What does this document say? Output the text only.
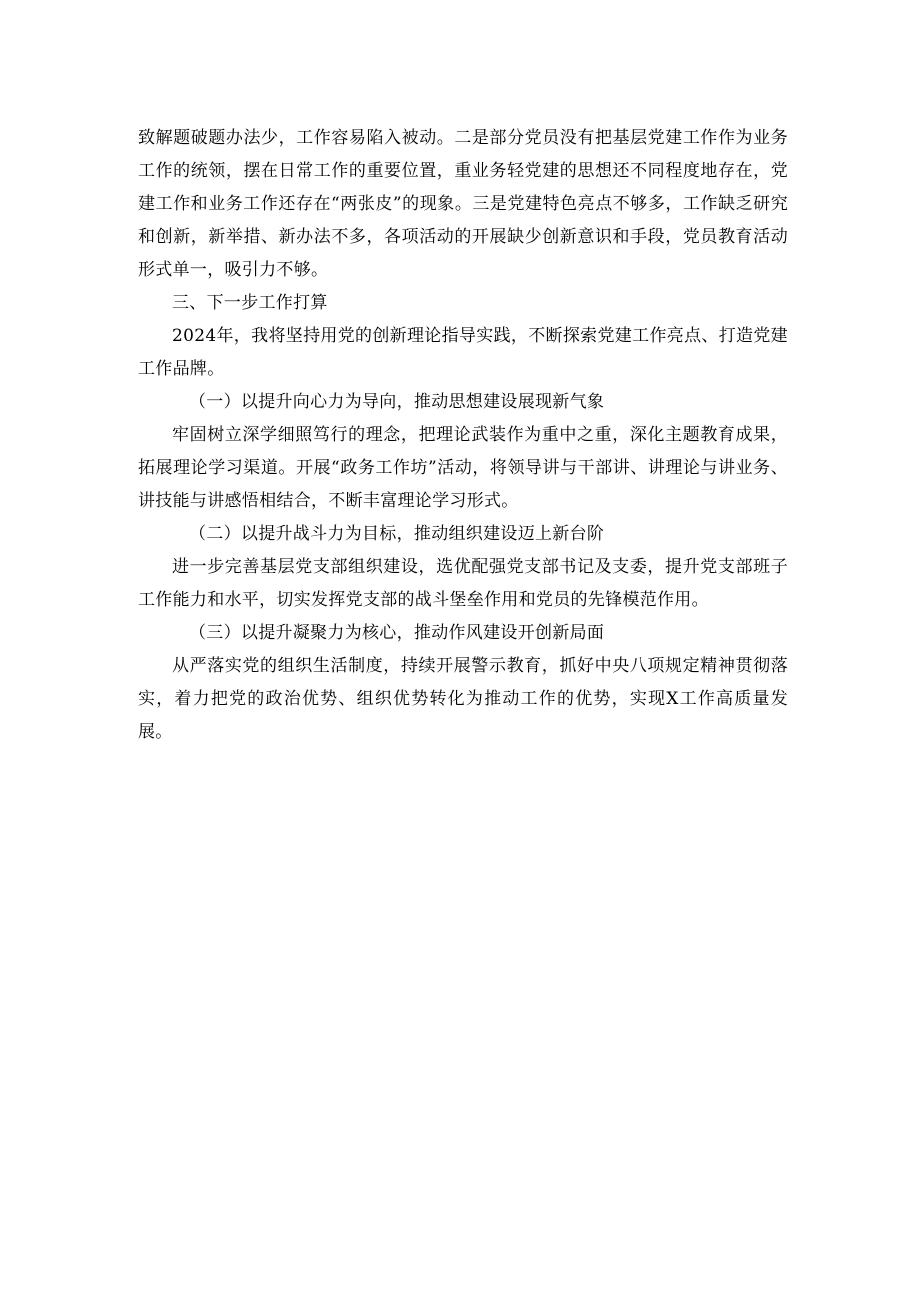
致解题破题办法少，工作容易陷入被动。二是部分党员没有把基层党建工作作为业务工作的统领，摆在日常工作的重要位置，重业务轻党建的思想还不同程度地存在，党建工作和业务工作还存在“两张皮”的现象。三是党建特色亮点不够多，工作缺乏研究和创新，新举措、新办法不多，各项活动的开展缺少创新意识和手段，党员教育活动形式单一，吸引力不够。

三、下一步工作打算

2024年，我将坚持用党的创新理论指导实践，不断探索党建工作亮点、打造党建工作品牌。

（一）以提升向心力为导向，推动思想建设展现新气象

牢固树立深学细照笃行的理念，把理论武装作为重中之重，深化主题教育成果，拓展理论学习渠道。开展“政务工作坊”活动，将领导讲与干部讲、讲理论与讲业务、讲技能与讲感悟相结合，不断丰富理论学习形式。

（二）以提升战斗力为目标，推动组织建设迈上新台阶

进一步完善基层党支部组织建设，选优配强党支部书记及支委，提升党支部班子工作能力和水平，切实发挥党支部的战斗堡垒作用和党员的先锋模范作用。

（三）以提升凝聚力为核心，推动作风建设开创新局面

从严落实党的组织生活制度，持续开展警示教育，抓好中央八项规定精神贯彻落实，着力把党的政治优势、组织优势转化为推动工作的优势，实现X工作高质量发展。
